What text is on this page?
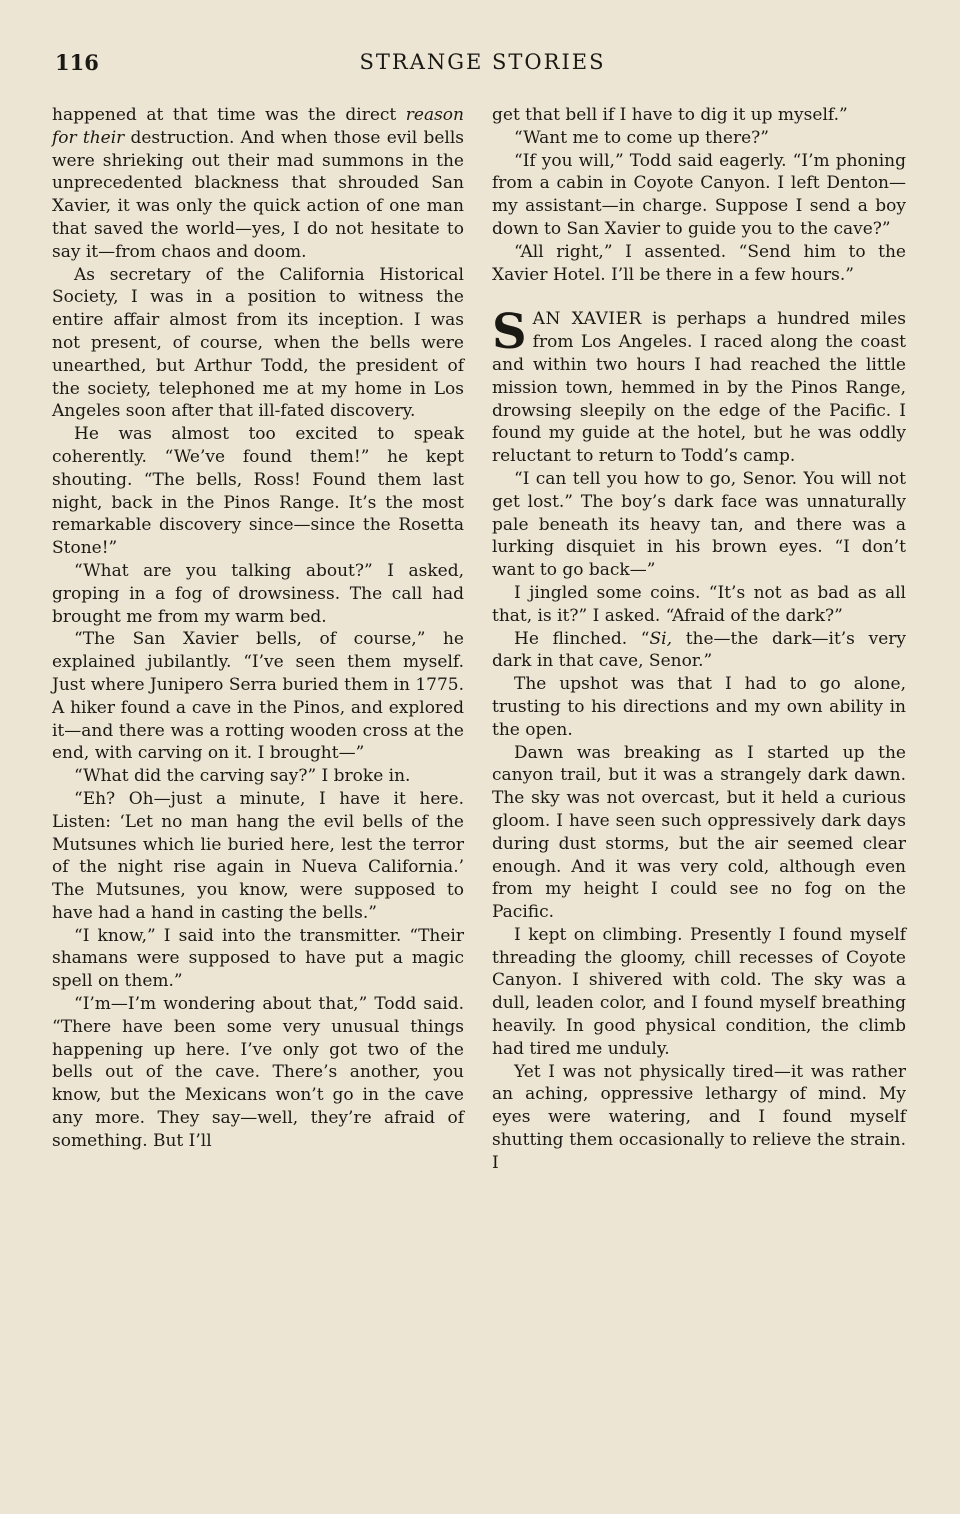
116	STRANGE STORIES

happened at that time was the direct reason for their destruction. And when those evil bells were shrieking out their mad summons in the unprecedented blackness that shrouded San Xavier, it was only the quick action of one man that saved the world—yes, I do not hesitate to say it—from chaos and doom.

As secretary of the California Historical Society, I was in a position to witness the entire affair almost from its inception. I was not present, of course, when the bells were unearthed, but Arthur Todd, the president of the society, telephoned me at my home in Los Angeles soon after that ill-fated discovery.

He was almost too excited to speak coherently. “We’ve found them!” he kept shouting. “The bells, Ross! Found them last night, back in the Pinos Range. It’s the most remarkable discovery since—since the Rosetta Stone!”

“What are you talking about?” I asked, groping in a fog of drowsiness. The call had brought me from my warm bed.

“The San Xavier bells, of course,” he explained jubilantly. “I’ve seen them myself. Just where Junipero Serra buried them in 1775. A hiker found a cave in the Pinos, and explored it—and there was a rotting wooden cross at the end, with carving on it. I brought—”

“What did the carving say?” I broke in.

“Eh? Oh—just a minute, I have it here. Listen: ‘Let no man hang the evil bells of the Mutsunes which lie buried here, lest the terror of the night rise again in Nueva California.’ The Mutsunes, you know, were supposed to have had a hand in casting the bells.”

“I know,” I said into the transmitter. “Their shamans were supposed to have put a magic spell on them.”

“I’m—I’m wondering about that,” Todd said. “There have been some very unusual things happening up here. I’ve only got two of the bells out of the cave. There’s another, you know, but the Mexicans won’t go in the cave any more. They say—well, they’re afraid of something. But I’ll

get that bell if I have to dig it up myself.”

“Want me to come up there?”

“If you will,” Todd said eagerly. “I’m phoning from a cabin in Coyote Canyon. I left Denton—my assistant—in charge. Suppose I send a boy down to San Xavier to guide you to the cave?”

“All right,” I assented. “Send him to the Xavier Hotel. I’ll be there in a few hours.”

SAN XAVIER is perhaps a hundred miles from Los Angeles. I raced along the coast and within two hours I had reached the little mission town, hemmed in by the Pinos Range, drowsing sleepily on the edge of the Pacific. I found my guide at the hotel, but he was oddly reluctant to return to Todd’s camp.

“I can tell you how to go, Senor. You will not get lost.” The boy’s dark face was unnaturally pale beneath its heavy tan, and there was a lurking disquiet in his brown eyes. “I don’t want to go back—”

I jingled some coins. “It’s not as bad as all that, is it?” I asked. “Afraid of the dark?”

He flinched. “Si, the—the dark—it’s very dark in that cave, Senor.”

The upshot was that I had to go alone, trusting to his directions and my own ability in the open.

Dawn was breaking as I started up the canyon trail, but it was a strangely dark dawn. The sky was not overcast, but it held a curious gloom. I have seen such oppressively dark days during dust storms, but the air seemed clear enough. And it was very cold, although even from my height I could see no fog on the Pacific.

I kept on climbing. Presently I found myself threading the gloomy, chill recesses of Coyote Canyon. I shivered with cold. The sky was a dull, leaden color, and I found myself breathing heavily. In good physical condition, the climb had tired me unduly.

Yet I was not physically tired—it was rather an aching, oppressive lethargy of mind. My eyes were watering, and I found myself shutting them occasionally to relieve the strain. I
